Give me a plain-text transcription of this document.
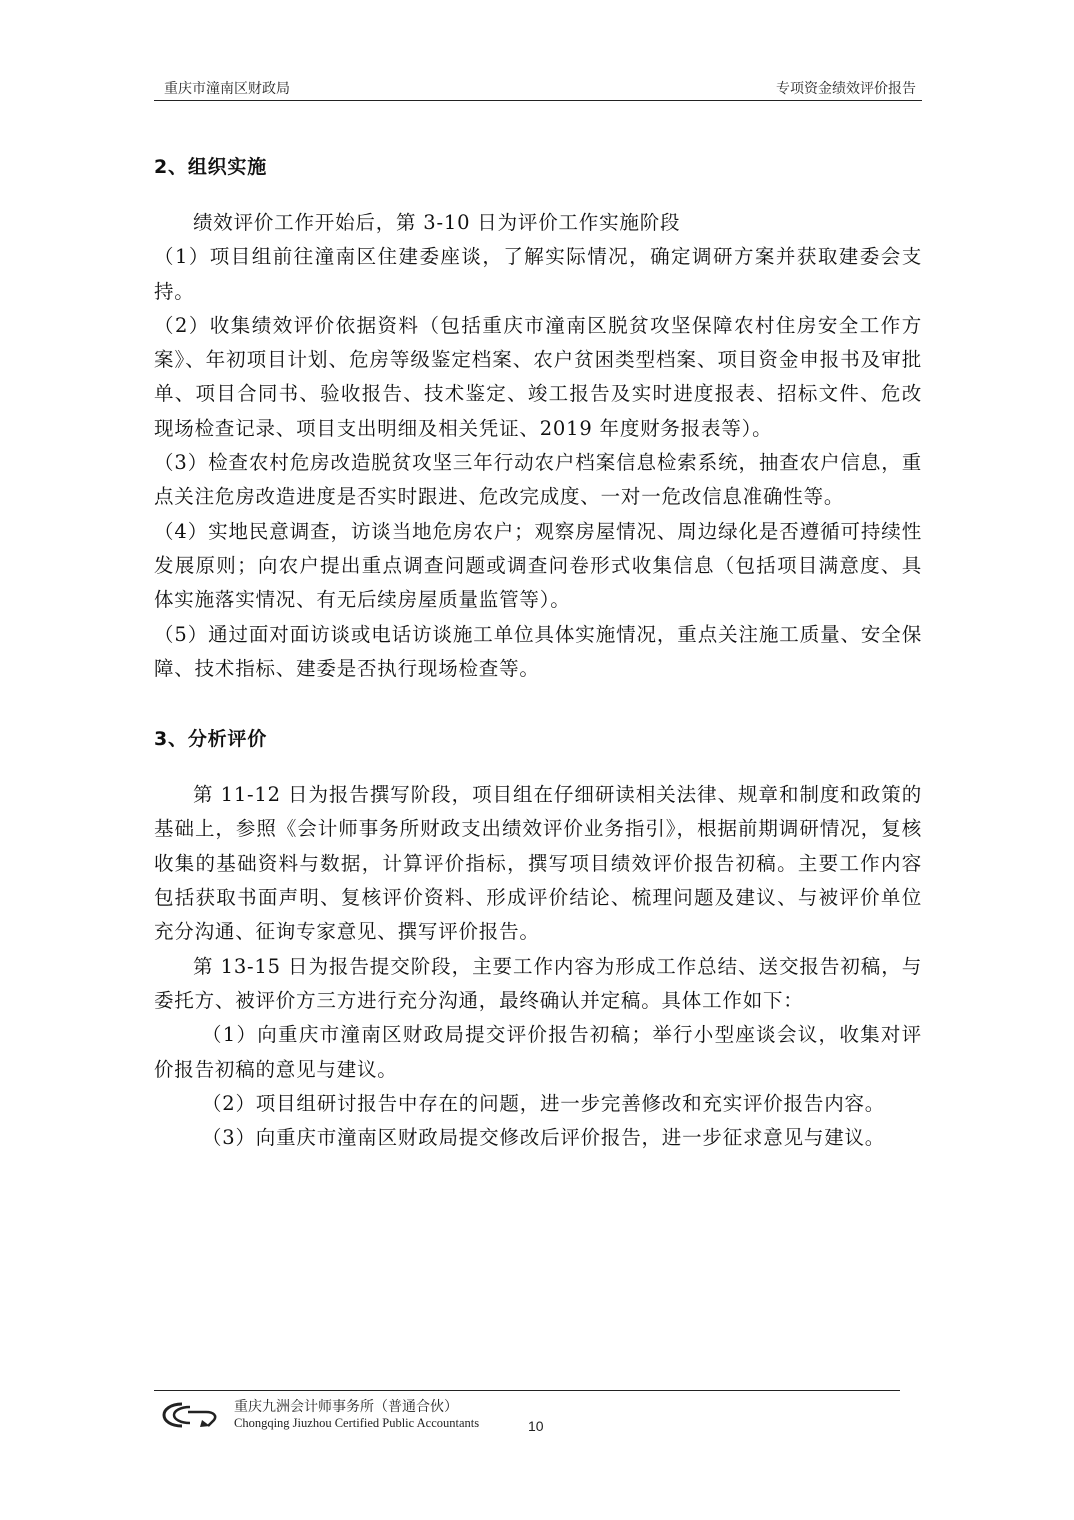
重庆市潼南区财政局	专项资金绩效评价报告
2、组织实施

绩效评价工作开始后，第 3-10 日为评价工作实施阶段

（1）项目组前往潼南区住建委座谈，了解实际情况，确定调研方案并获取建委会支持。

（2）收集绩效评价依据资料（包括重庆市潼南区脱贫攻坚保障农村住房安全工作方案》、年初项目计划、危房等级鉴定档案、农户贫困类型档案、项目资金申报书及审批单、项目合同书、验收报告、技术鉴定、竣工报告及实时进度报表、招标文件、危改现场检查记录、项目支出明细及相关凭证、2019 年度财务报表等）。

（3）检查农村危房改造脱贫攻坚三年行动农户档案信息检索系统，抽查农户信息，重点关注危房改造进度是否实时跟进、危改完成度、一对一危改信息准确性等。

（4）实地民意调查，访谈当地危房农户；观察房屋情况、周边绿化是否遵循可持续性发展原则；向农户提出重点调查问题或调查问卷形式收集信息（包括项目满意度、具体实施落实情况、有无后续房屋质量监管等）。

（5）通过面对面访谈或电话访谈施工单位具体实施情况，重点关注施工质量、安全保障、技术指标、建委是否执行现场检查等。

3、分析评价

第 11-12 日为报告撰写阶段，项目组在仔细研读相关法律、规章和制度和政策的基础上，参照《会计师事务所财政支出绩效评价业务指引》，根据前期调研情况，复核收集的基础资料与数据，计算评价指标，撰写项目绩效评价报告初稿。主要工作内容包括获取书面声明、复核评价资料、形成评价结论、梳理问题及建议、与被评价单位充分沟通、征询专家意见、撰写评价报告。

第 13-15 日为报告提交阶段，主要工作内容为形成工作总结、送交报告初稿，与委托方、被评价方三方进行充分沟通，最终确认并定稿。具体工作如下：

（1）向重庆市潼南区财政局提交评价报告初稿；举行小型座谈会议，收集对评价报告初稿的意见与建议。

（2）项目组研讨报告中存在的问题，进一步完善修改和充实评价报告内容。

（3）向重庆市潼南区财政局提交修改后评价报告，进一步征求意见与建议。

重庆九洲会计师事务所（普通合伙）
Chongqing Jiuzhou Certified Public Accountants	10
